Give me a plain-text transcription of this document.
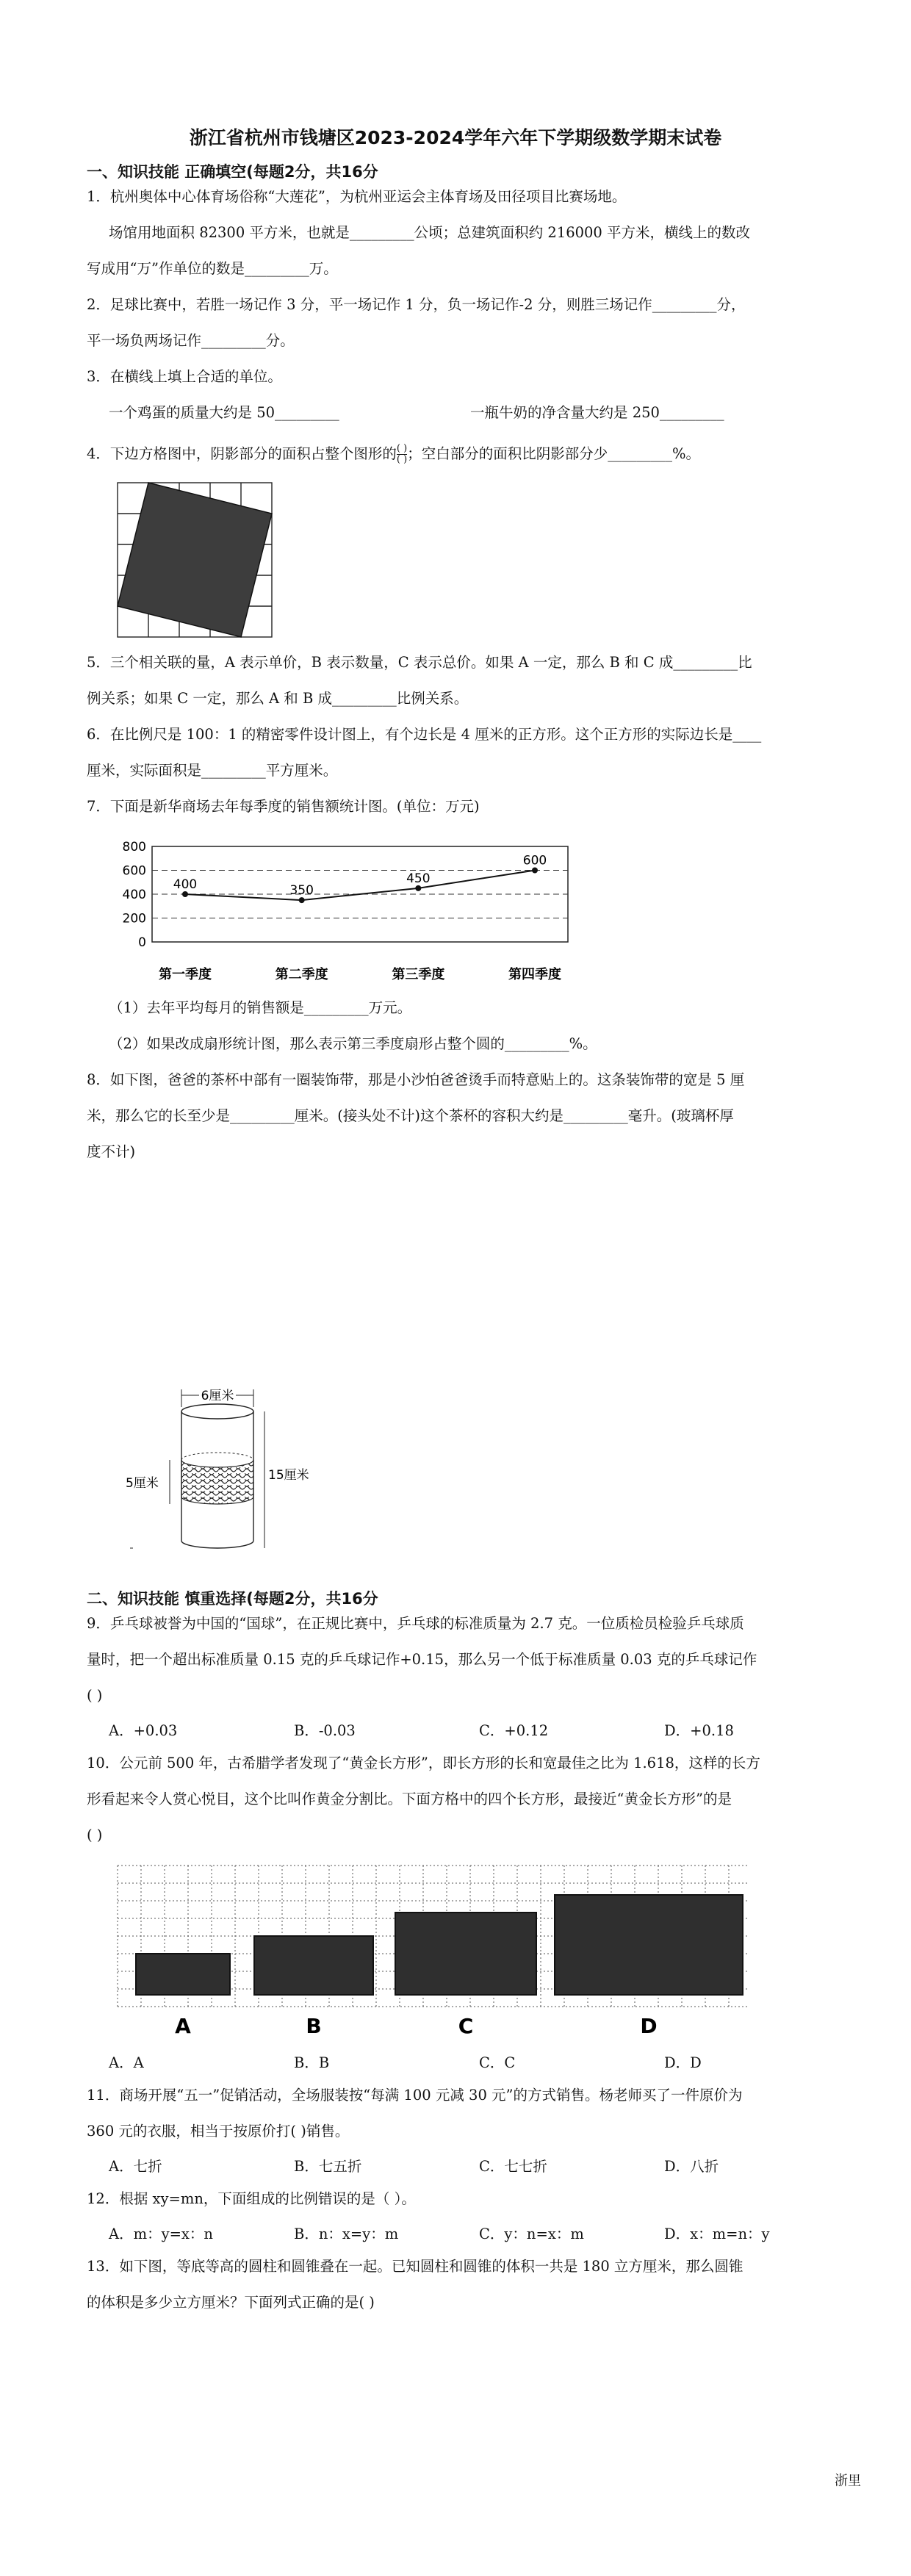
浙江省杭州市钱塘区2023-2024学年六年下学期级数学期末试卷
一、知识技能 正确填空(每题2分，共16分
1．杭州奥体中心体育场俗称“大莲花”，为杭州亚运会主体育场及田径项目比赛场地。
场馆用地面积 82300 平方米，也就是_________公顷；总建筑面积约 216000 平方米，横线上的数改
写成用“万”作单位的数是_________万。
2．足球比赛中，若胜一场记作 3 分，平一场记作 1 分，负一场记作-2 分，则胜三场记作_________分，
平一场负两场记作_________分。
3．在横线上填上合适的单位。
一个鸡蛋的质量大约是 50_________	一瓶牛奶的净含量大约是 250_________
4．下边方格图中，阴影部分的面积占整个图形的 ( )
( ) ；空白部分的面积比阴影部分少_________%。
5．三个相关联的量，A 表示单价，B 表示数量，C 表示总价。如果 A 一定，那么 B 和 C 成_________比
例关系；如果 C 一定，那么 A 和 B 成_________比例关系。
6．在比例尺是 100：1 的精密零件设计图上，有个边长是 4 厘米的正方形。这个正方形的实际边长是____
厘米，实际面积是_________平方厘米。
7．下面是新华商场去年每季度的销售额统计图。(单位：万元)
0
200
400
600
800
400
第一季度
350
第二季度
450
第三季度
600
第四季度
（1）去年平均每月的销售额是_________万元。
（2）如果改成扇形统计图，那么表示第三季度扇形占整个圆的_________%。
8．如下图，爸爸的茶杯中部有一圈装饰带，那是小沙怕爸爸烫手而特意贴上的。这条装饰带的宽是 5 厘
米，那么它的长至少是_________厘米。(接头处不计)这个茶杯的容积大约是_________毫升。(玻璃杯厚
度不计)
6厘米
5厘米
15厘米
二、知识技能 慎重选择(每题2分，共16分
9．乒乓球被誉为中国的“国球”，在正规比赛中，乒乓球的标准质量为 2.7 克。一位质检员检验乒乓球质
量时，把一个超出标准质量 0.15 克的乒乓球记作+0.15，那么另一个低于标准质量 0.03 克的乒乓球记作
( )
A．+0.03	B．-0.03	C．+0.12	D．+0.18
10．公元前 500 年，古希腊学者发现了“黄金长方形”，即长方形的长和宽最佳之比为 1.618，这样的长方
形看起来令人赏心悦目，这个比叫作黄金分割比。下面方格中的四个长方形，最接近“黄金长方形”的是
( )
A	B	C	D
A．A	B．B	C．C	D．D
11．商场开展“五一”促销活动，全场服装按“每满 100 元减 30 元”的方式销售。杨老师买了一件原价为
360 元的衣服，相当于按原价打( )销售。
A．七折	B．七五折	C．七七折	D．八折
12．根据 xy=mn，下面组成的比例错误的是（ ）。
A．m：y=x：n	B．n：x=y：m	C．y：n=x：m	D．x：m=n：y
13．如下图，等底等高的圆柱和圆锥叠在一起。已知圆柱和圆锥的体积一共是 180 立方厘米，那么圆锥
的体积是多少立方厘米？下面列式正确的是( )
浙里
